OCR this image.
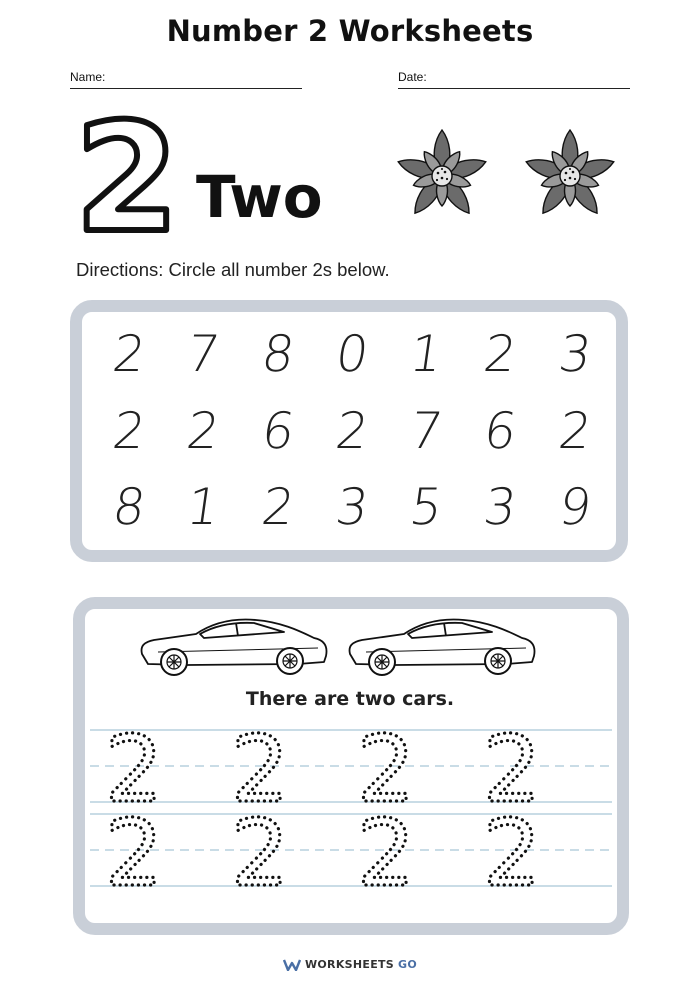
Number 2 Worksheets
Name:	Date:
2 Two
Directions: Circle all number 2s below.
2 7 8 0 1 2 3
2 2 6 2 7 6 2
8 1 2 3 5 3 9
There are two cars.
2 2 2 2
2 2 2 2
WORKSHEETS GO
